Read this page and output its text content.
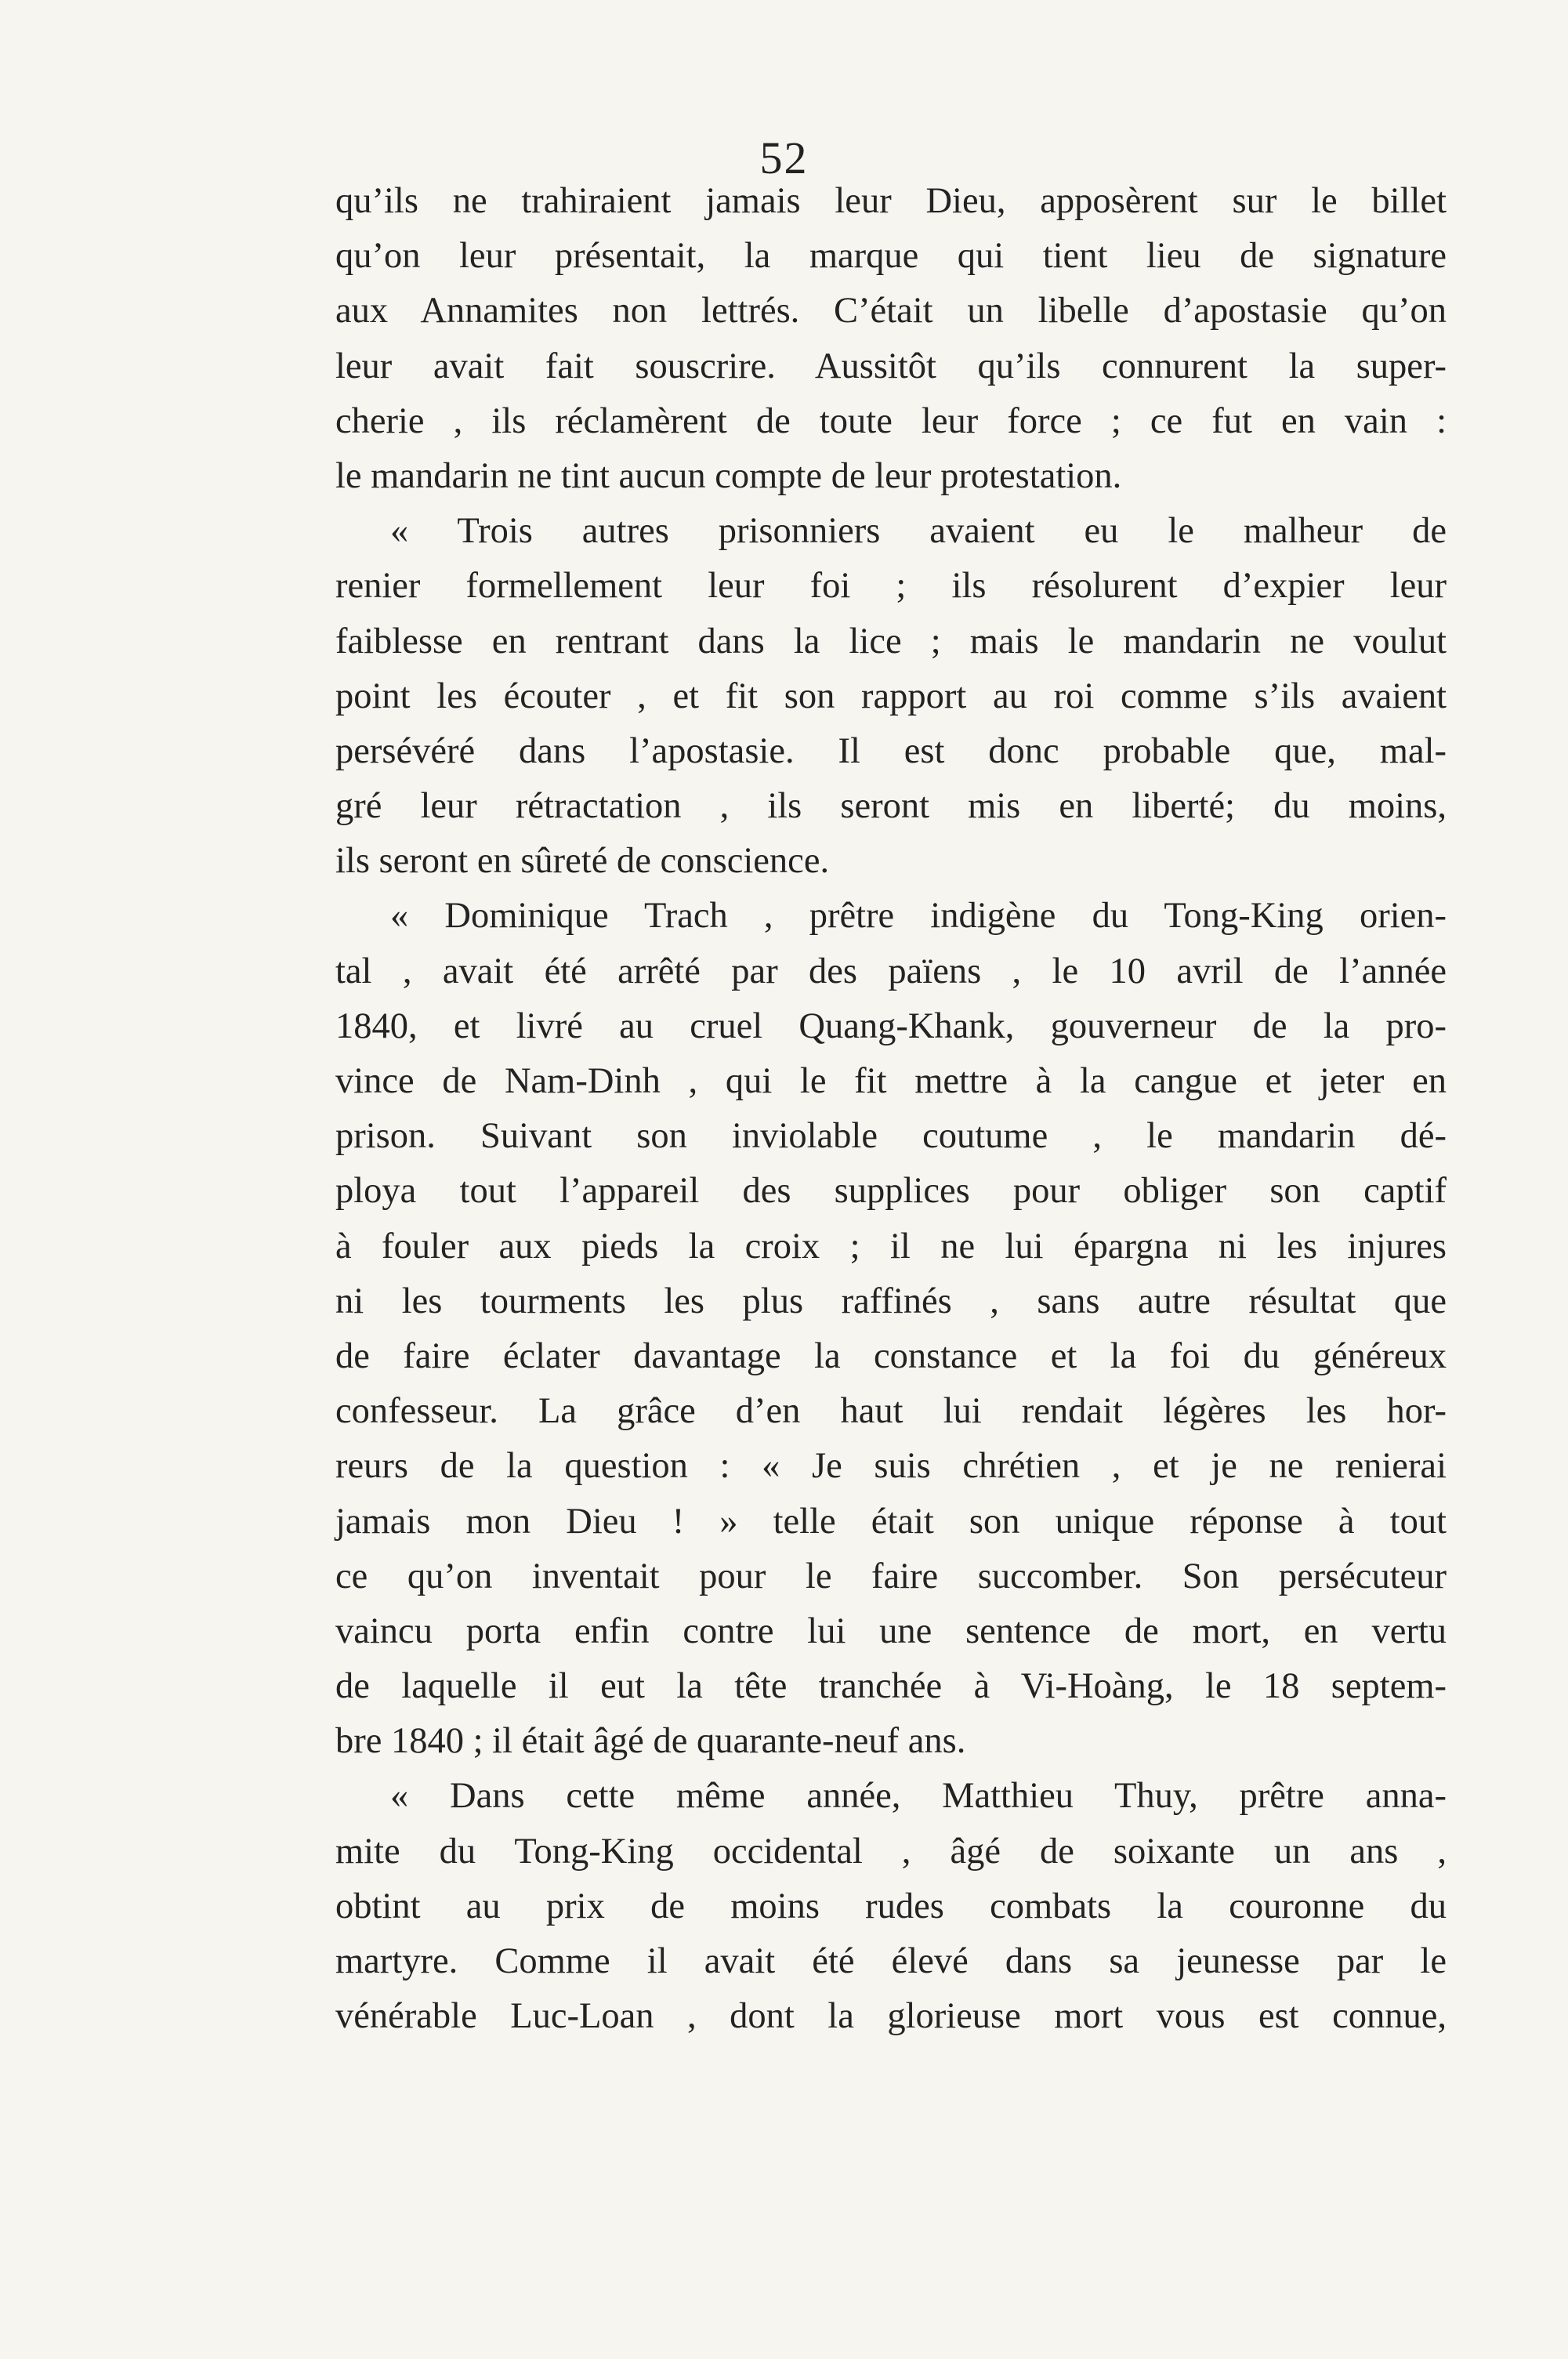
52
qu’ils ne trahiraient jamais leur Dieu, apposèrent sur le billet
qu’on leur présentait, la marque qui tient lieu de signature
aux Annamites non lettrés. C’était un libelle d’apostasie qu’on
leur avait fait souscrire. Aussitôt qu’ils connurent la super-
cherie , ils réclamèrent de toute leur force ; ce fut en vain :
le mandarin ne tint aucun compte de leur protestation.
« Trois autres prisonniers avaient eu le malheur de
renier formellement leur foi ; ils résolurent d’expier leur
faiblesse en rentrant dans la lice ; mais le mandarin ne voulut
point les écouter , et fit son rapport au roi comme s’ils avaient
persévéré dans l’apostasie. Il est donc probable que, mal-
gré leur rétractation , ils seront mis en liberté; du moins,
ils seront en sûreté de conscience.
« Dominique Trach , prêtre indigène du Tong-King orien-
tal , avait été arrêté par des païens , le 10 avril de l’année
1840, et livré au cruel Quang-Khank, gouverneur de la pro-
vince de Nam-Dinh , qui le fit mettre à la cangue et jeter en
prison. Suivant son inviolable coutume , le mandarin dé-
ploya tout l’appareil des supplices pour obliger son captif
à fouler aux pieds la croix ; il ne lui épargna ni les injures
ni les tourments les plus raffinés , sans autre résultat que
de faire éclater davantage la constance et la foi du généreux
confesseur. La grâce d’en haut lui rendait légères les hor-
reurs de la question : « Je suis chrétien , et je ne renierai
jamais mon Dieu ! » telle était son unique réponse à tout
ce qu’on inventait pour le faire succomber. Son persécuteur
vaincu porta enfin contre lui une sentence de mort, en vertu
de laquelle il eut la tête tranchée à Vi-Hoàng, le 18 septem-
bre 1840 ; il était âgé de quarante-neuf ans.
« Dans cette même année, Matthieu Thuy, prêtre anna-
mite du Tong-King occidental , âgé de soixante un ans ,
obtint au prix de moins rudes combats la couronne du
martyre. Comme il avait été élevé dans sa jeunesse par le
vénérable Luc-Loan , dont la glorieuse mort vous est connue,
